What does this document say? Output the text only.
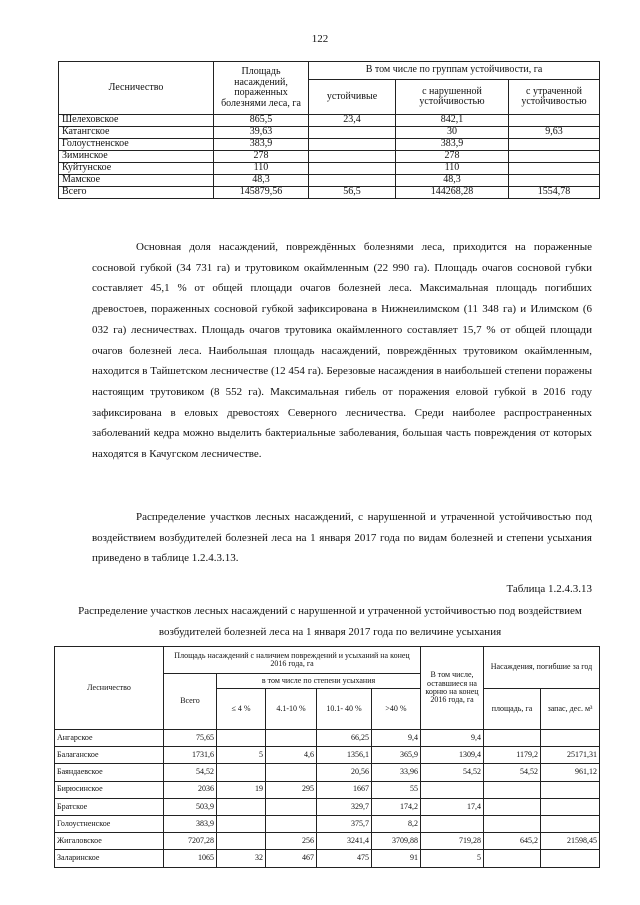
122
Лесничество	Площадь насаждений, пораженных болезнями леса, га	В том числе по группам устойчивости, га		
		устойчивые	с нарушенной устойчивостью	с утраченной устойчивостью
Шелеховское	865,5	23,4	842,1	
Катангское	39,63		30	9,63
Голоустненское	383,9		383,9	
Зиминское	278		278	
Куйтунское	110		110	
Мамское	48,3		48,3	
Всего	145879,56	56,5	144268,28	1554,78

Основная доля насаждений, повреждённых болезнями леса, приходится на пораженные сосновой губкой (34 731 га) и трутовиком окаймленным (22 990 га). Площадь очагов сосновой губки составляет 45,1 % от общей площади очагов болезней леса. Максимальная площадь погибших древостоев, пораженных сосновой губкой зафиксирована в Нижнеилимском (11 348 га) и Илимском (6 032 га) лесничествах. Площадь очагов трутовика окаймленного составляет 15,7 % от общей площади очагов болезней леса. Наибольшая площадь насаждений, повреждённых трутовиком окаймленным, находится в Тайшетском лесничестве (12 454 га). Березовые насаждения в наибольшей степени поражены настоящим трутовиком (8 552 га). Максимальная гибель от поражения еловой губкой в 2016 году зафиксирована в еловых древостоях Северного лесничества. Среди наиболее распространенных заболеваний кедра можно выделить бактериальные заболевания, большая часть повреждения от которых находятся в Качугском лесничестве.

Распределение участков лесных насаждений, с нарушенной и утраченной устойчивостью под воздействием возбудителей болезней леса на 1 января 2017 года по видам болезней и степени усыхания приведено в таблице 1.2.4.3.13.

Таблица 1.2.4.3.13
Распределение участков лесных насаждений с нарушенной и утраченной устойчивостью под воздействием возбудителей болезней леса на 1 января 2017 года по величине усыхания
Лесничество	Площадь насаждений с наличием повреждений и усыханий на конец 2016 года, га					В том числе, оставшиеся на корню на конец 2016 года, га	Насаждения, погибшие за год	
	Всего	в том числе по степени усыхания						
		≤ 4 %	4.1-10 %	10.1- 40 %	>40 %		площадь, га	запас, дес. м³
Ангарское	75,65			66,25	9,4	9,4		
Балаганское	1731,6	5	4,6	1356,1	365,9	1309,4	1179,2	25171,31
Баяндаевское	54,52			20,56	33,96	54,52	54,52	961,12
Бирюсинское	2036	19	295	1667	55			
Братское	503,9			329,7	174,2	17,4		
Голоустненское	383,9			375,7	8,2			
Жигаловское	7207,28		256	3241,4	3709,88	719,28	645,2	21598,45
Заларинское	1065	32	467	475	91	5		
